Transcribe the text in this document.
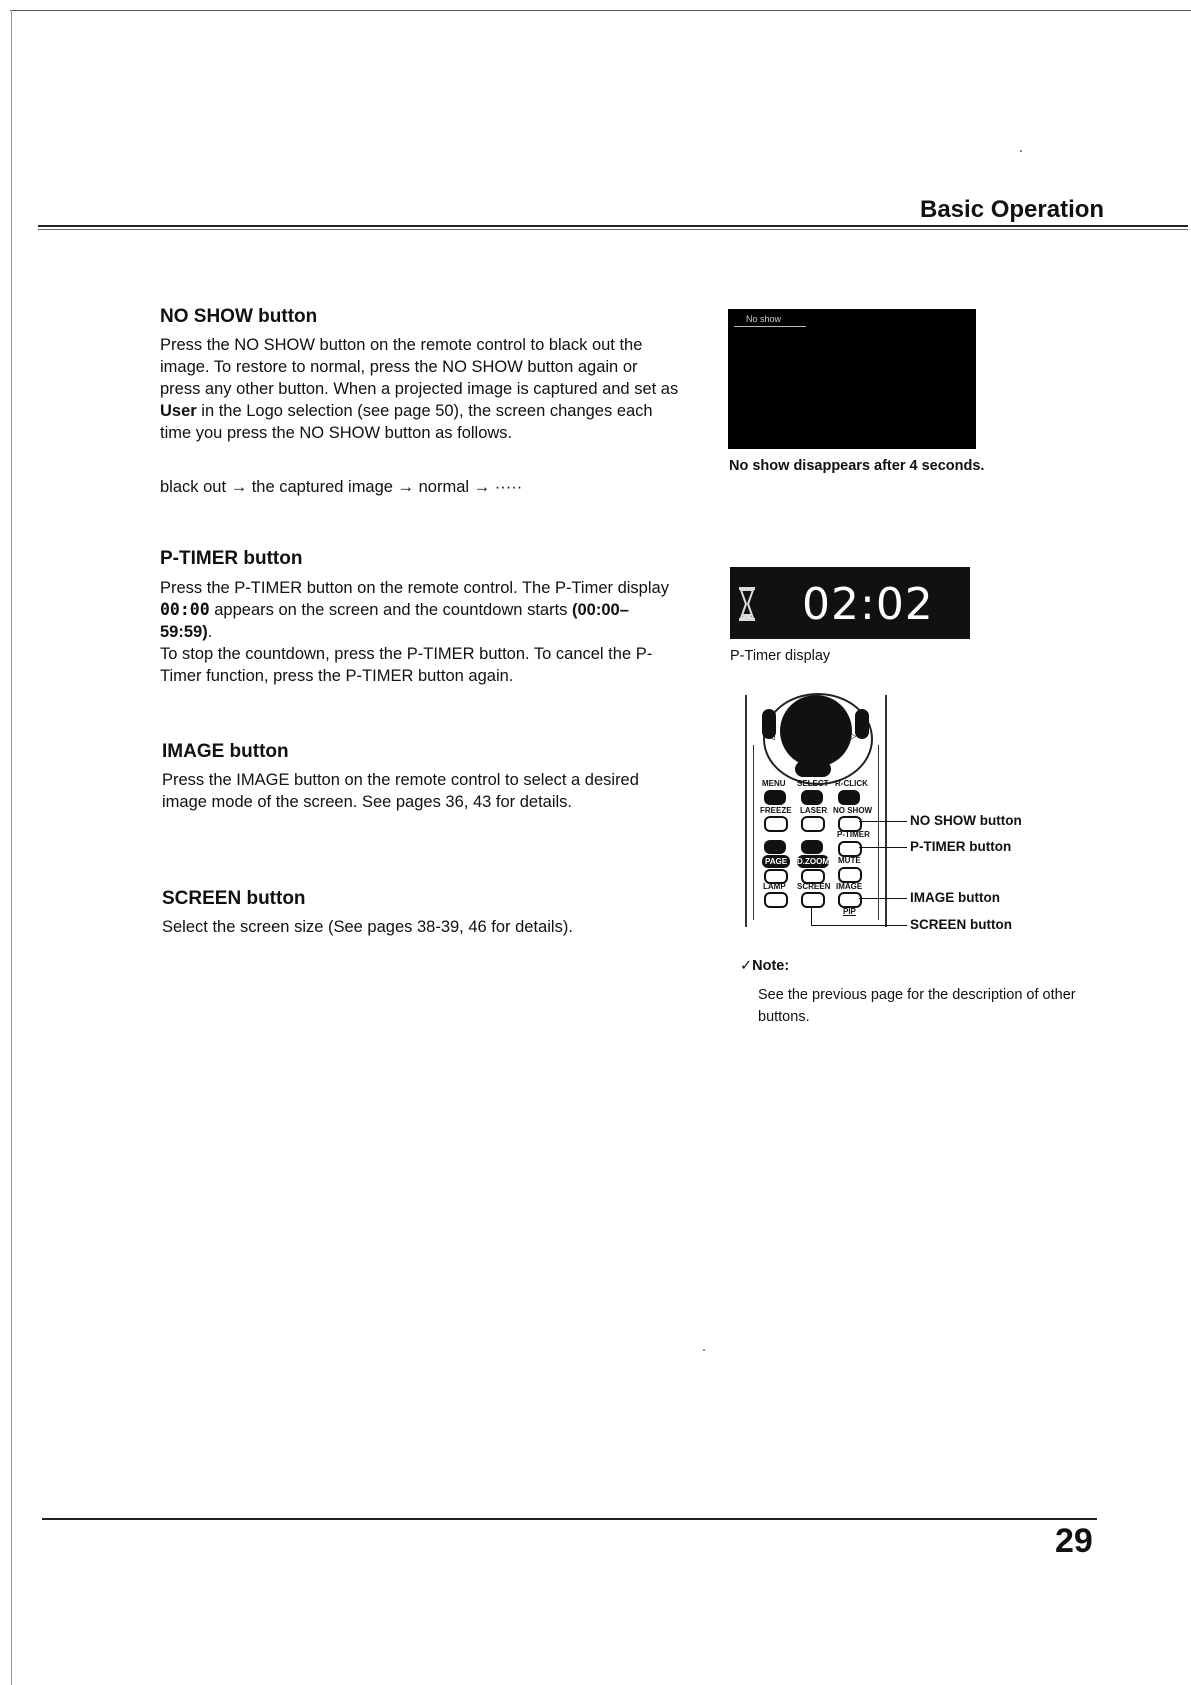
Basic Operation
NO SHOW button

Press the NO SHOW button on the remote control to black out the image. To restore to normal, press the NO SHOW button again or press any other button. When a projected image is captured and set as User in the Logo selection (see page 50), the screen changes each time you press the NO SHOW button as follows.

black out → the captured image → normal → ·····
No show
No show disappears after 4 seconds.
P-TIMER button

Press the P-TIMER button on the remote control. The P-Timer display 00:00 appears on the screen and the countdown starts (00:00–59:59).

To stop the countdown, press the P-TIMER button. To cancel the P-Timer function, press the P-TIMER button again.

02:02
P-Timer display
IMAGE button

Press the IMAGE button on the remote control to select a desired image mode of the screen. See pages 36, 43 for details.

SCREEN button

Select the screen size (See pages 38-39, 46 for details).

◁	▷
MENU SELECT R-CLICK
FREEZE LASER NO SHOW
P-TIMER
PAGE	D.ZOOM MUTE
LAMP SCREEN IMAGE
PIP
NO SHOW button
P-TIMER button
IMAGE button
SCREEN button
✓Note:

See the previous page for the description of other buttons.

29
